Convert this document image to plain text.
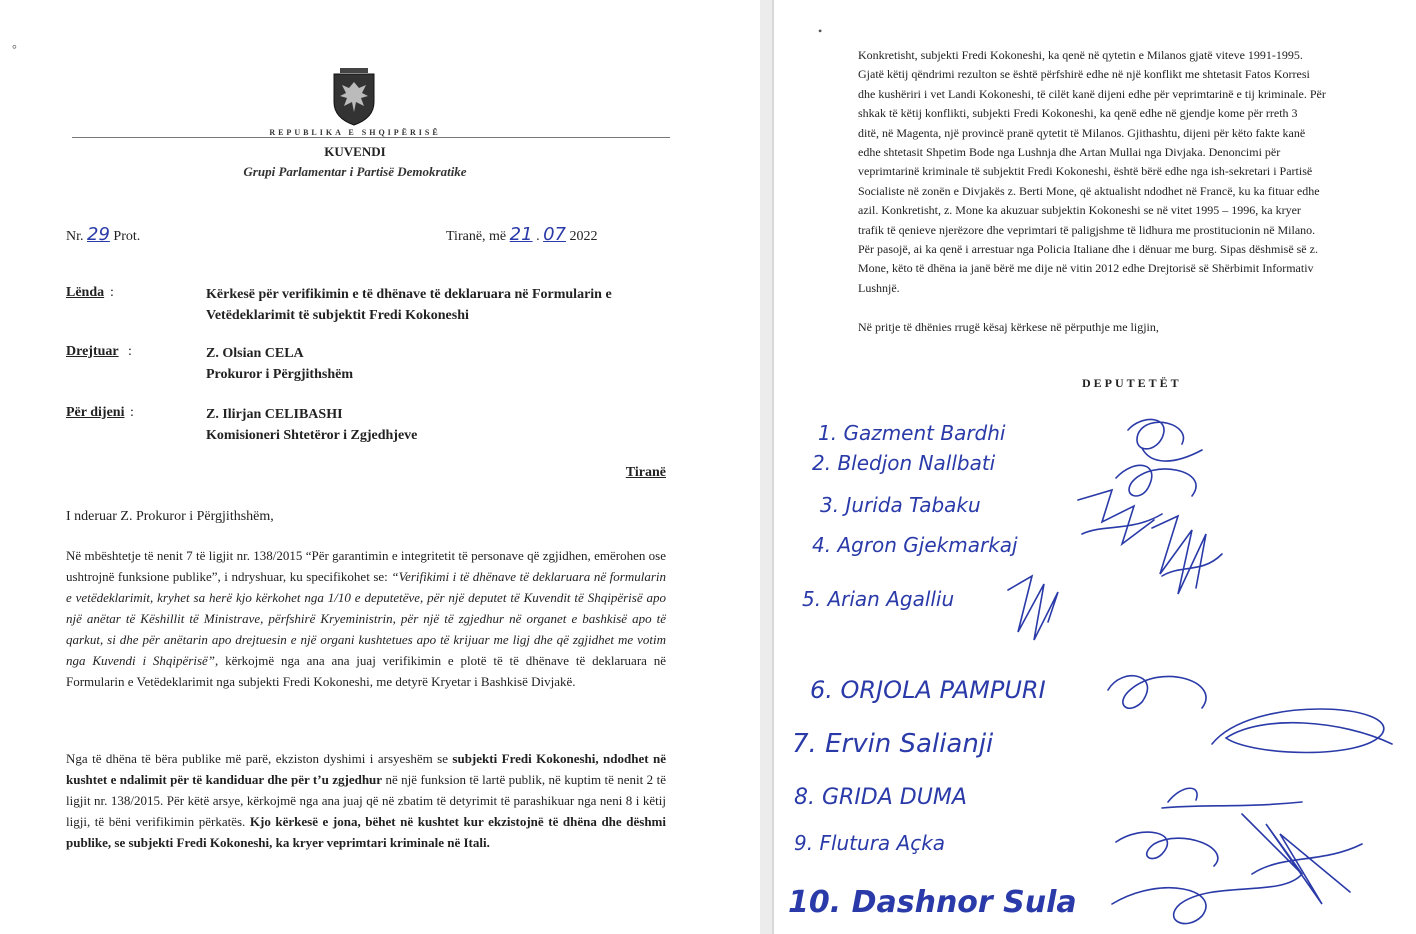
°
REPUBLIKA E SHQIPËRISË
KUVENDI
Grupi Parlamentar i Partisë Demokratike
Nr. 29 Prot.	Tiranë, më 21 . 07 2022
Lënda :	Kërkesë për verifikimin e të dhënave të deklaruara në Formularin e Vetëdeklarimit të subjektit Fredi Kokoneshi
Drejtuar :	Z. Olsian CELA
Prokuror i Përgjithshëm
Për dijeni :	Z. Ilirjan CELIBASHI
Komisioneri Shtetëror i Zgjedhjeve
Tiranë
I nderuar Z. Prokuror i Përgjithshëm,
Në mbështetje të nenit 7 të ligjit nr. 138/2015 “Për garantimin e integritetit të personave që zgjidhen, emërohen ose ushtrojnë funksione publike”, i ndryshuar, ku specifikohet se: “Verifikimi i të dhënave të deklaruara në formularin e vetëdeklarimit, kryhet sa herë kjo kërkohet nga 1/10 e deputetëve, për një deputet të Kuvendit të Shqipërisë apo një anëtar të Këshillit të Ministrave, përfshirë Kryeministrin, për një të zgjedhur në organet e bashkisë apo të qarkut, si dhe për anëtarin apo drejtuesin e një organi kushtetues apo të krijuar me ligj dhe që zgjidhet me votim nga Kuvendi i Shqipërisë”, kërkojmë nga ana ana juaj verifikimin e plotë të të dhënave të deklaruara në Formularin e Vetëdeklarimit nga subjekti Fredi Kokoneshi, me detyrë Kryetar i Bashkisë Divjakë.
Nga të dhëna të bëra publike më parë, ekziston dyshimi i arsyeshëm se subjekti Fredi Kokoneshi, ndodhet në kushtet e ndalimit për të kandiduar dhe për t’u zgjedhur në një funksion të lartë publik, në kuptim të nenit 2 të ligjit nr. 138/2015. Për këtë arsye, kërkojmë nga ana juaj që në zbatim të detyrimit të parashikuar nga neni 8 i këtij ligji, të bëni verifikimin përkatës. Kjo kërkesë e jona, bëhet në kushtet kur ekzistojnë të dhëna dhe dëshmi publike, se subjekti Fredi Kokoneshi, ka kryer veprimtari kriminale në Itali.
•
Konkretisht, subjekti Fredi Kokoneshi, ka qenë në qytetin e Milanos gjatë viteve 1991-1995.
Gjatë këtij qëndrimi rezulton se është përfshirë edhe në një konflikt me shtetasit Fatos Korresi
dhe kushëriri i vet Landi Kokoneshi, të cilët kanë dijeni edhe për veprimtarinë e tij kriminale. Për
shkak të këtij konflikti, subjekti Fredi Kokoneshi, ka qenë edhe në gjendje kome për rreth 3
ditë, në Magenta, një provincë pranë qytetit të Milanos. Gjithashtu, dijeni për këto fakte kanë
edhe shtetasit Shpetim Bode nga Lushnja dhe Artan Mullai nga Divjaka. Denoncimi për
veprimtarinë kriminale të subjektit Fredi Kokoneshi, është bërë edhe nga ish-sekretari i Partisë
Socialiste në zonën e Divjakës z. Berti Mone, që aktualisht ndodhet në Francë, ku ka fituar edhe
azil. Konkretisht, z. Mone ka akuzuar subjektin Kokoneshi se në vitet 1995 – 1996, ka kryer
trafik të qenieve njerëzore dhe veprimtari të paligjshme të lidhura me prostitucionin në Milano.
Për pasojë, ai ka qenë i arrestuar nga Policia Italiane dhe i dënuar me burg. Sipas dëshmisë së z.
Mone, këto të dhëna ia janë bërë me dije në vitin 2012 edhe Drejtorisë së Shërbimit Informativ
Lushnjë.
Në pritje të dhënies rrugë kësaj kërkese në përputhje me ligjin,
DEPUTETËT
1. Gazment Bardhi
2. Bledjon Nallbati
3. Jurida Tabaku
4. Agron Gjekmarkaj
5. Arian Agalliu
6. ORJOLA PAMPURI
7. Ervin Salianji
8. GRIDA DUMA
9. Flutura Açka
10. Dashnor Sula
